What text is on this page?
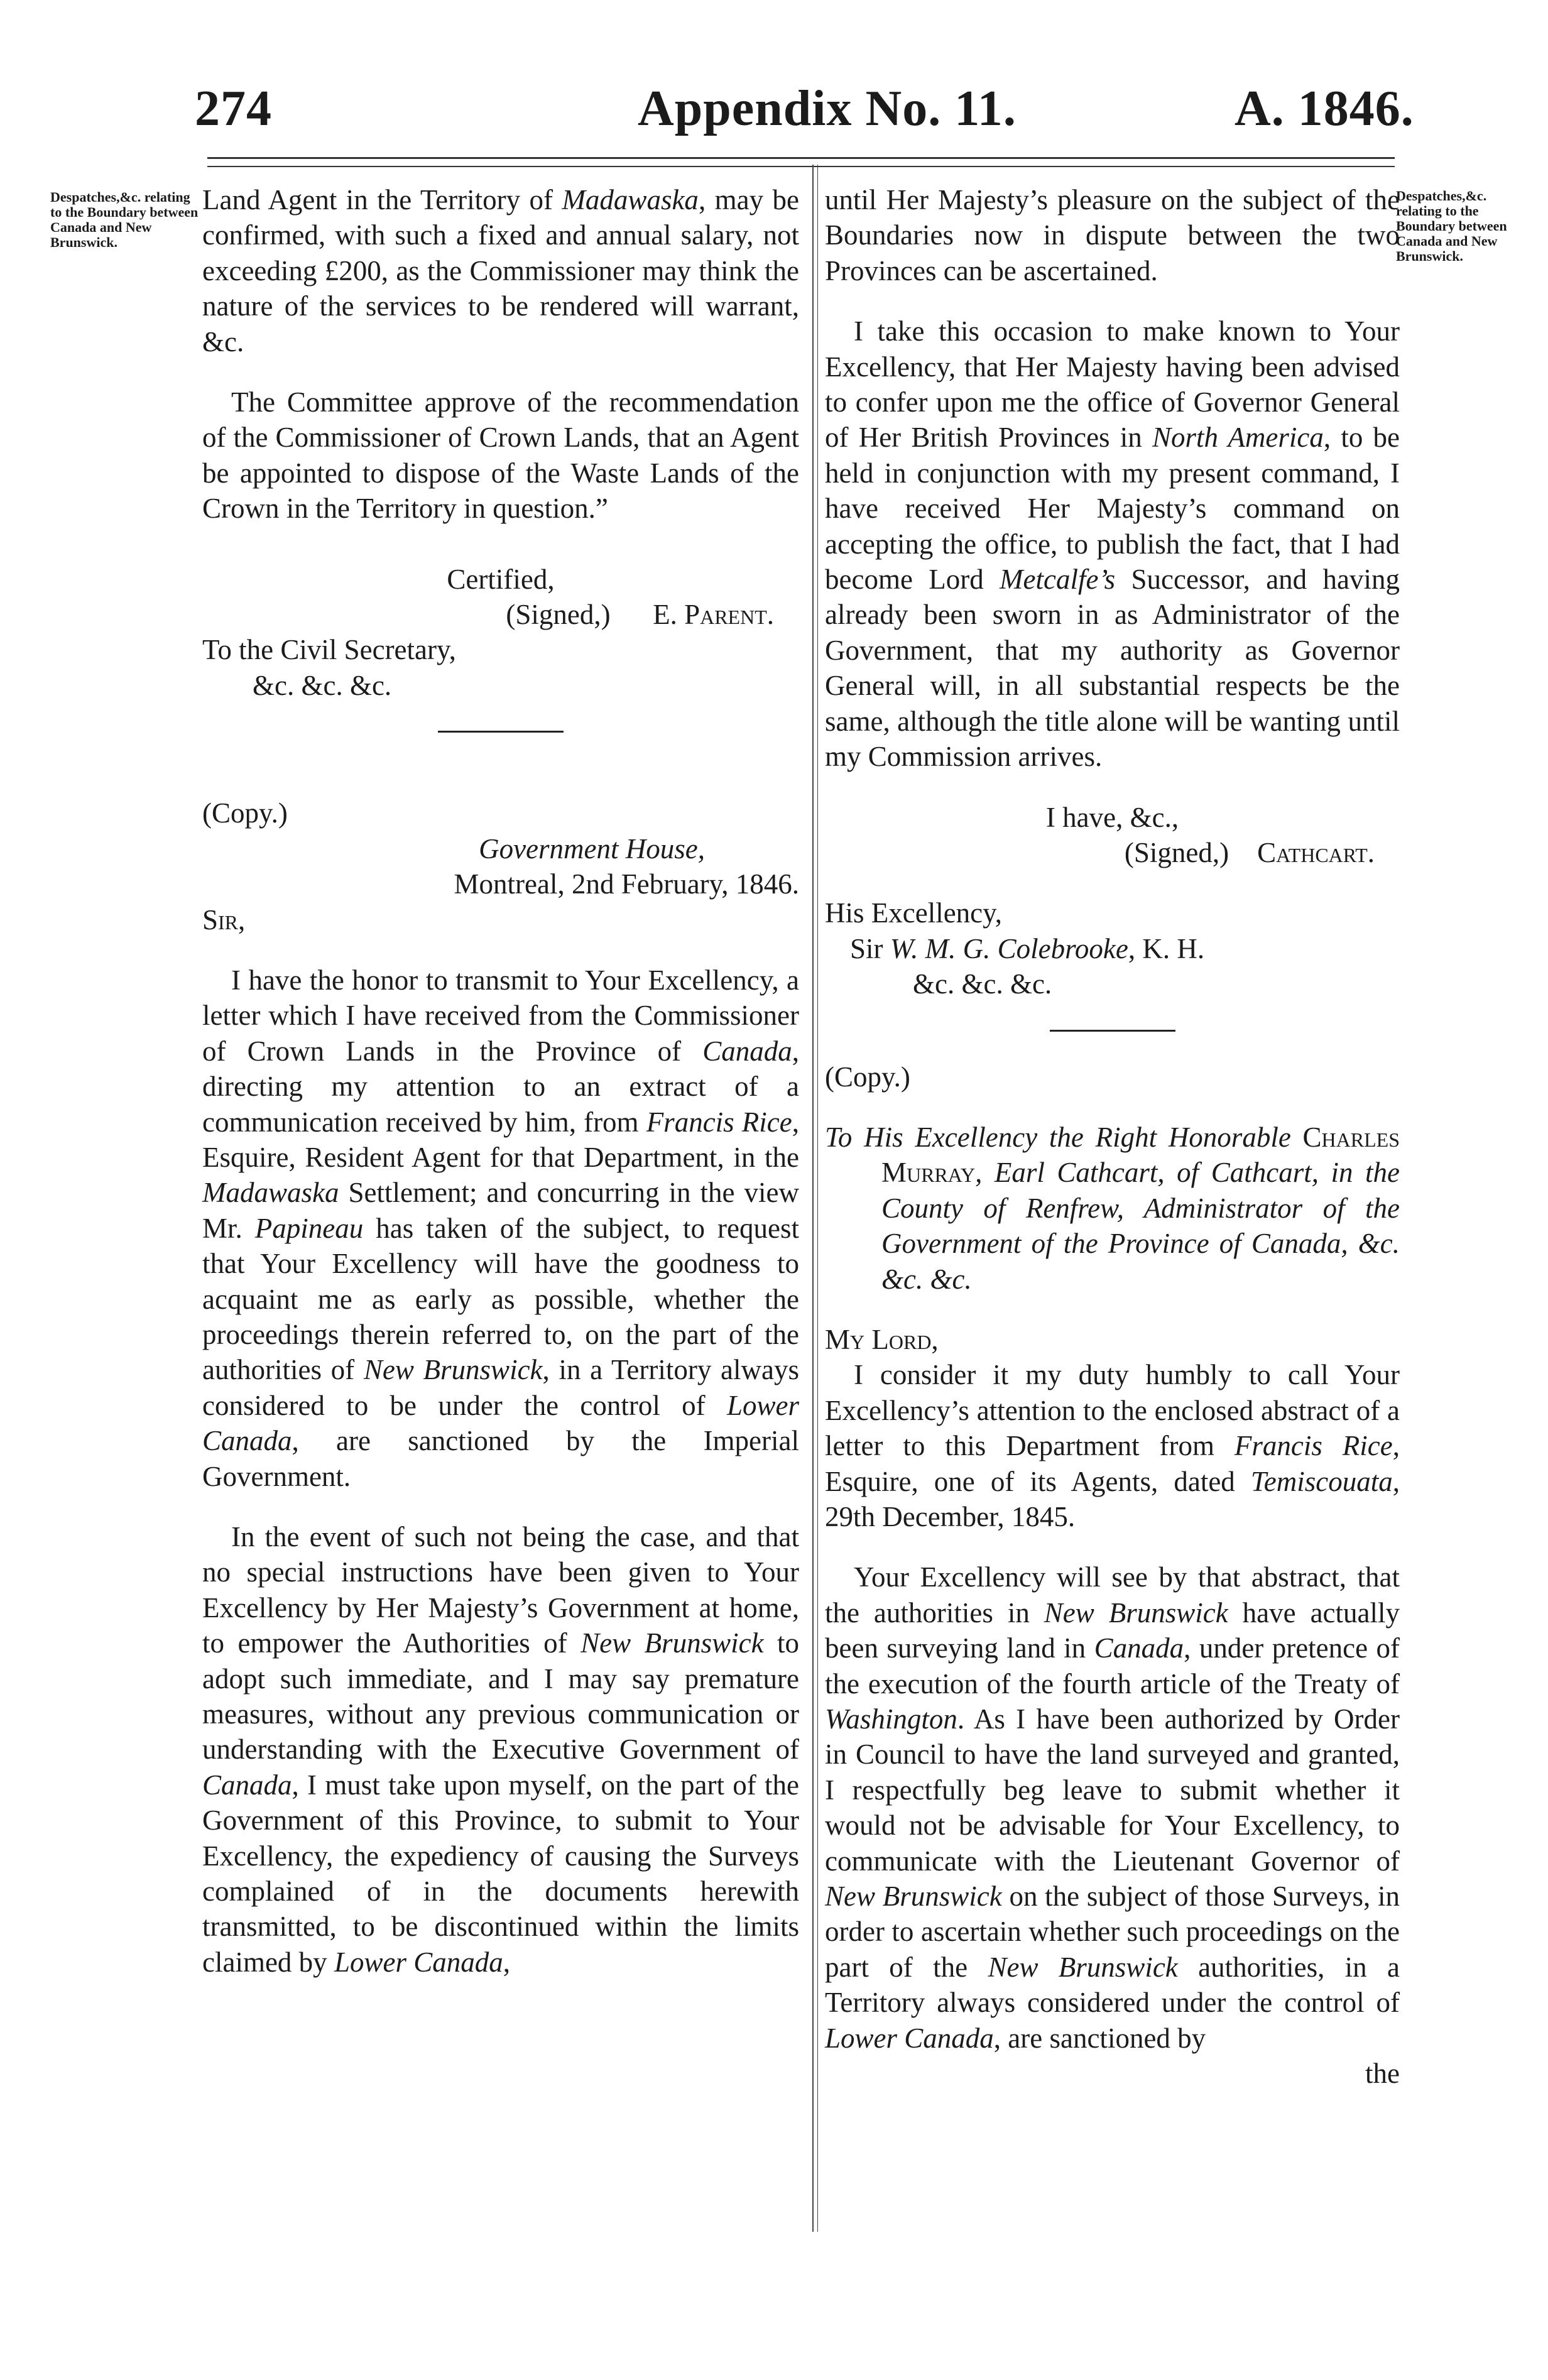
274	Appendix No. 11.	A. 1846.
Despatches,&c. relating to the Boundary between Canada and New Brunswick.
Despatches,&c. relating to the Boundary between Canada and New Brunswick.

Land Agent in the Territory of Madawaska, may be confirmed, with such a fixed and annual salary, not exceeding £200, as the Commissioner may think the nature of the services to be rendered will warrant, &c.

The Committee approve of the recommendation of the Commissioner of Crown Lands, that an Agent be appointed to dispose of the Waste Lands of the Crown in the Territory in question.”

Certified,

(Signed,) E. Parent.

To the Civil Secretary,

&c. &c. &c.

(Copy.)

Government House,

Montreal, 2nd February, 1846.

Sir,

I have the honor to transmit to Your Excellency, a letter which I have received from the Commissioner of Crown Lands in the Province of Canada, directing my attention to an extract of a communication received by him, from Francis Rice, Esquire, Resident Agent for that Department, in the Madawaska Settlement; and concurring in the view Mr. Papineau has taken of the subject, to request that Your Excellency will have the goodness to acquaint me as early as possible, whether the proceedings therein referred to, on the part of the authorities of New Brunswick, in a Territory always considered to be under the control of Lower Canada, are sanctioned by the Imperial Government.

In the event of such not being the case, and that no special instructions have been given to Your Excellency by Her Majesty’s Government at home, to empower the Authorities of New Brunswick to adopt such immediate, and I may say premature measures, without any previous communication or understanding with the Executive Government of Canada, I must take upon myself, on the part of the Government of this Province, to submit to Your Excellency, the expediency of causing the Surveys complained of in the documents herewith transmitted, to be discontinued within the limits claimed by Lower Canada,

until Her Majesty’s pleasure on the subject of the Boundaries now in dispute between the two Provinces can be ascertained.

I take this occasion to make known to Your Excellency, that Her Majesty having been advised to confer upon me the office of Governor General of Her British Provinces in North America, to be held in conjunction with my present command, I have received Her Majesty’s command on accepting the office, to publish the fact, that I had become Lord Metcalfe’s Successor, and having already been sworn in as Administrator of the Government, that my authority as Governor General will, in all substantial respects be the same, although the title alone will be wanting until my Commission arrives.

I have, &c.,

(Signed,) Cathcart.

His Excellency,

Sir W. M. G. Colebrooke, K. H.

&c. &c. &c.

(Copy.)

To His Excellency the Right Honorable Charles Murray, Earl Cathcart, of Cathcart, in the County of Renfrew, Administrator of the Government of the Province of Canada, &c. &c. &c.

My Lord,

I consider it my duty humbly to call Your Excellency’s attention to the enclosed abstract of a letter to this Department from Francis Rice, Esquire, one of its Agents, dated Temiscouata, 29th December, 1845.

Your Excellency will see by that abstract, that the authorities in New Brunswick have actually been surveying land in Canada, under pretence of the execution of the fourth article of the Treaty of Washington. As I have been authorized by Order in Council to have the land surveyed and granted, I respectfully beg leave to submit whether it would not be advisable for Your Excellency, to communicate with the Lieutenant Governor of New Brunswick on the subject of those Surveys, in order to ascertain whether such proceedings on the part of the New Brunswick authorities, in a Territory always considered under the control of Lower Canada, are sanctioned by

the
